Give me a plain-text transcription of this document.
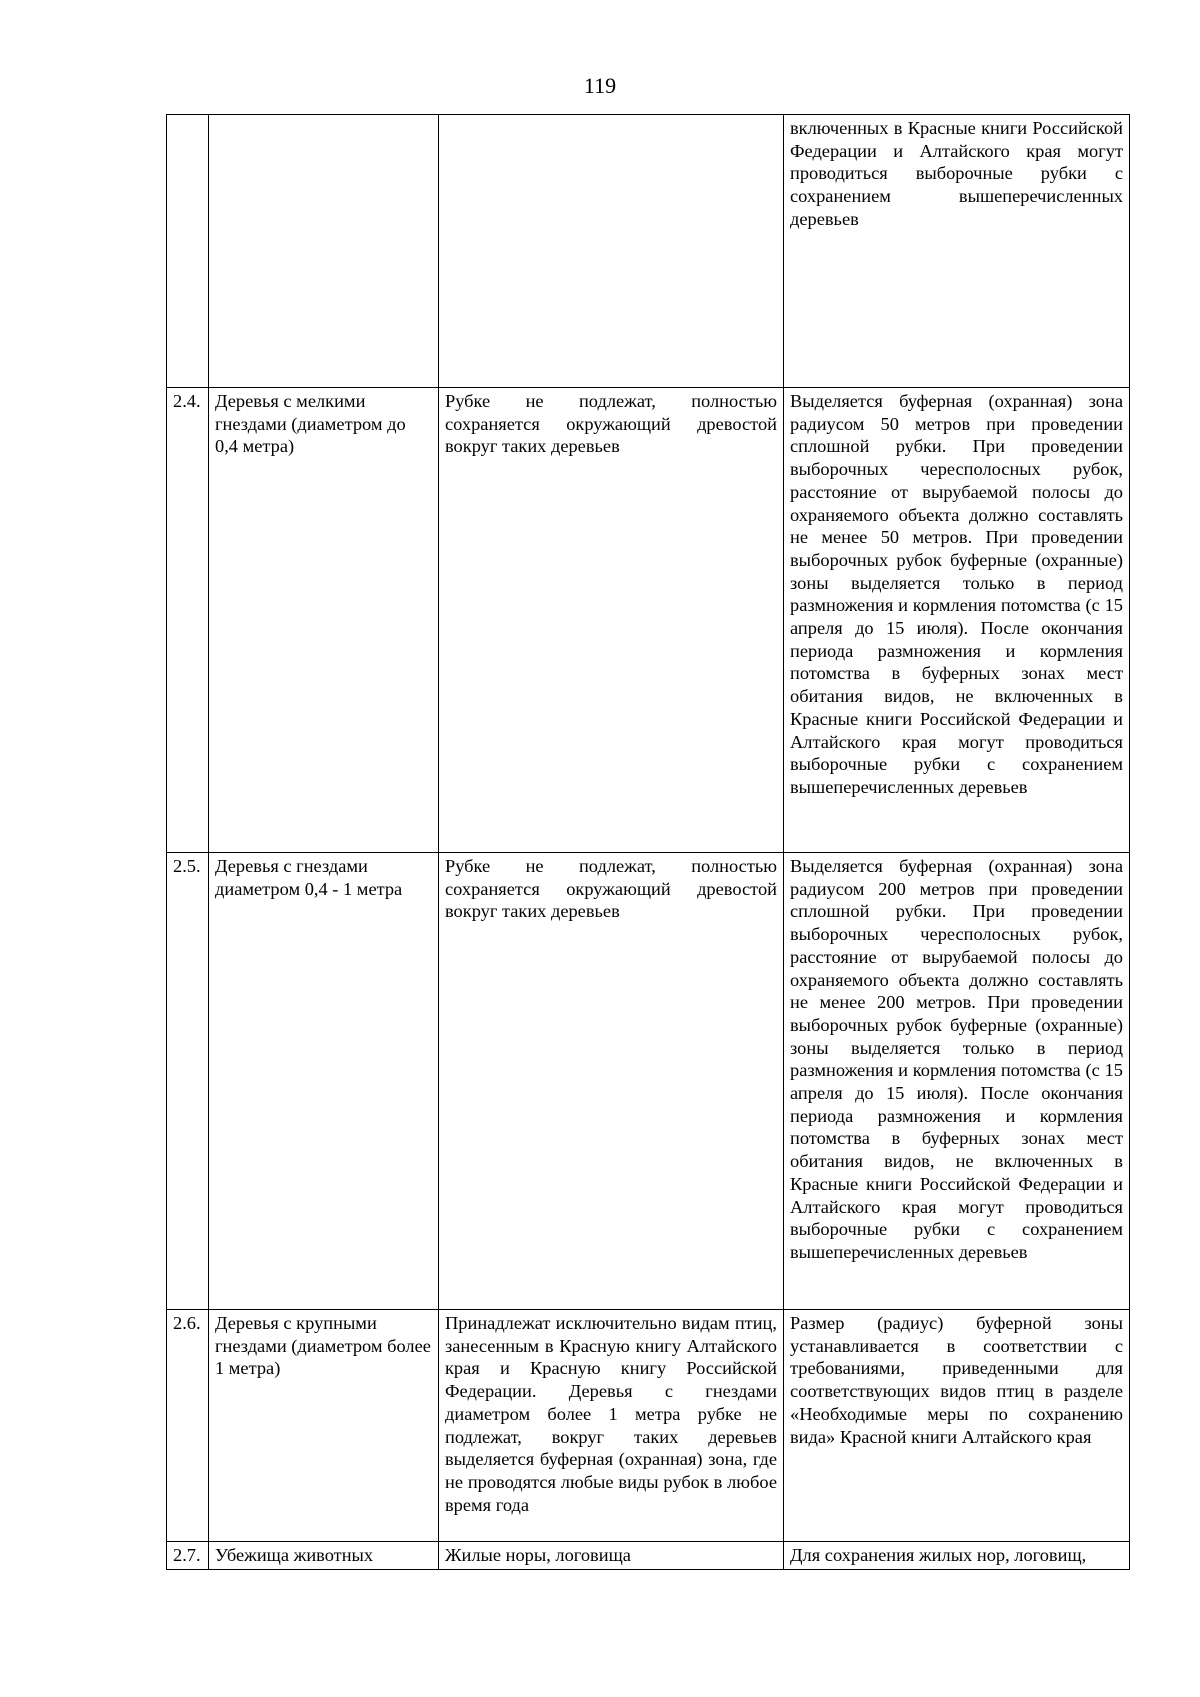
119
			включенных в Красные книги Российской Федерации и Алтайского края могут проводиться выборочные рубки с сохранением вышеперечисленных деревьев
2.4.	Деревья с мелкими гнездами (диаметром до 0,4 метра)	Рубке не подлежат, полностью сохраняется окружающий древостой вокруг таких деревьев	Выделяется буферная (охранная) зона радиусом 50 метров при проведении сплошной рубки. При проведении выборочных чересполосных рубок, расстояние от вырубаемой полосы до охраняемого объекта должно составлять не менее 50 метров. При проведении выборочных рубок буферные (охранные) зоны выделяется только в период размножения и кормления потомства (с 15 апреля до 15 июля). После окончания периода размножения и кормления потомства в буферных зонах мест обитания видов, не включенных в Красные книги Российской Федерации и Алтайского края могут проводиться выборочные рубки с сохранением вышеперечисленных деревьев
2.5.	Деревья с гнездами диаметром 0,4 - 1 метра	Рубке не подлежат, полностью сохраняется окружающий древостой вокруг таких деревьев	Выделяется буферная (охранная) зона радиусом 200 метров при проведении сплошной рубки. При проведении выборочных чересполосных рубок, расстояние от вырубаемой полосы до охраняемого объекта должно составлять не менее 200 метров. При проведении выборочных рубок буферные (охранные) зоны выделяется только в период размножения и кормления потомства (с 15 апреля до 15 июля). После окончания периода размножения и кормления потомства в буферных зонах мест обитания видов, не включенных в Красные книги Российской Федерации и Алтайского края могут проводиться выборочные рубки с сохранением вышеперечисленных деревьев
2.6.	Деревья с крупными гнездами (диаметром более 1 метра)	Принадлежат исключительно видам птиц, занесенным в Красную книгу Алтайского края и Красную книгу Российской Федерации. Деревья с гнездами диаметром более 1 метра рубке не подлежат, вокруг таких деревьев выделяется буферная (охранная) зона, где не проводятся любые виды рубок в любое время года	Размер (радиус) буферной зоны устанавливается в соответствии с требованиями, приведенными для соответствующих видов птиц в разделе «Необходимые меры по сохранению вида» Красной книги Алтайского края
2.7.	Убежища животных	Жилые норы, логовища	Для сохранения жилых нор, логовищ,
